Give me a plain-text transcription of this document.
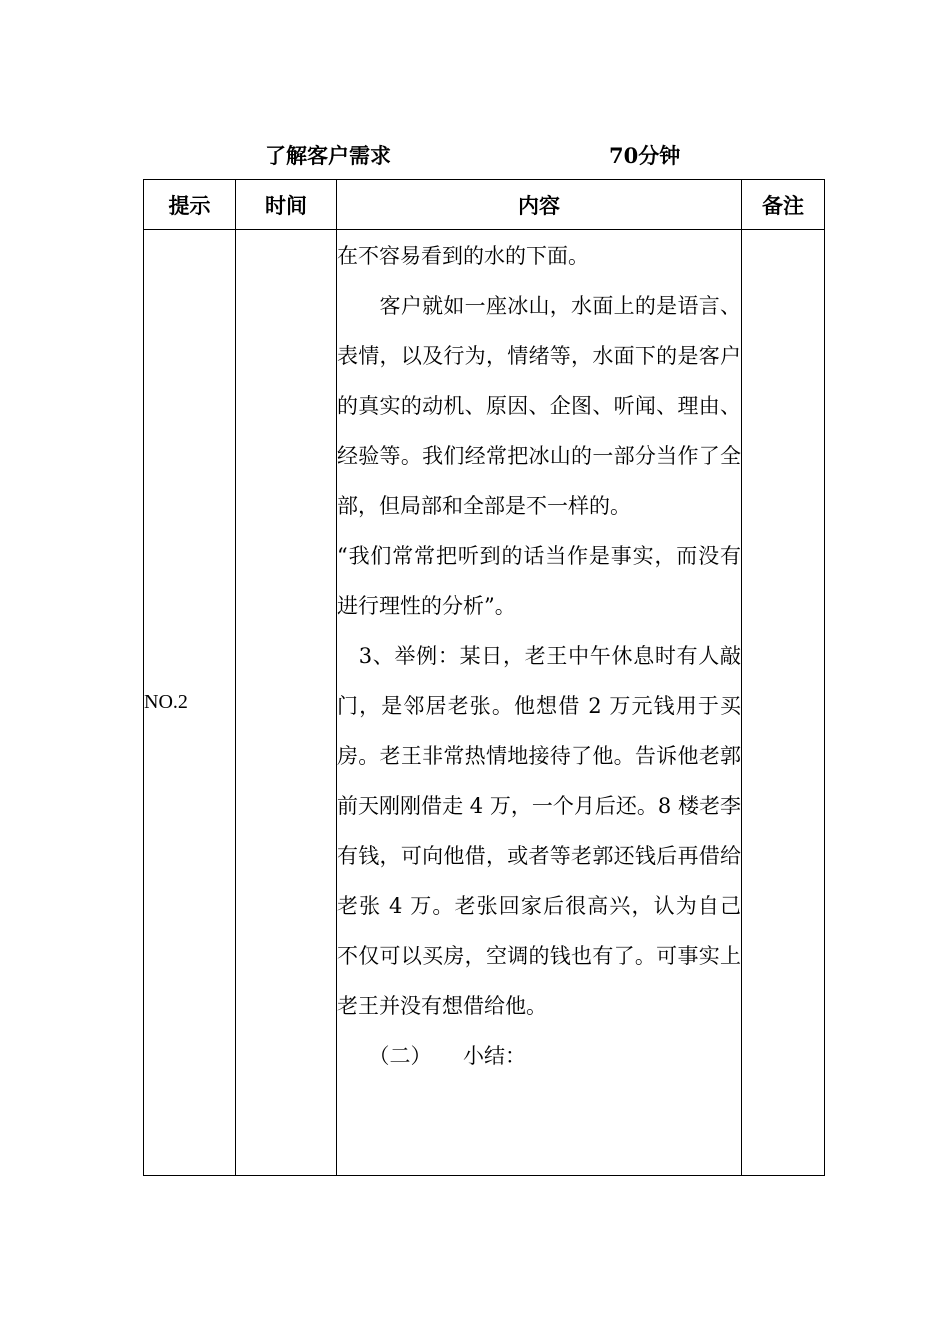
了解客户需求	70分钟
提示	时间	内容	备注
NO.2		在不容易看到的水的下面。
　　客户就如一座冰山，水面上的是语言、表情，以及行为，情绪等，水面下的是客户的真实的动机、原因、企图、听闻、理由、经验等。我们经常把冰山的一部分当作了全部，但局部和全部是不一样的。
“我们常常把听到的话当作是事实，而没有进行理性的分析”。
　3、举例：某日，老王中午休息时有人敲门，是邻居老张。他想借 2 万元钱用于买房。老王非常热情地接待了他。告诉他老郭前天刚刚借走 4 万，一个月后还。8 楼老李有钱，可向他借，或者等老郭还钱后再借给老张 4 万。老张回家后很高兴，认为自己不仅可以买房，空调的钱也有了。可事实上老王并没有想借给他。
　　（二）　　小结：	
